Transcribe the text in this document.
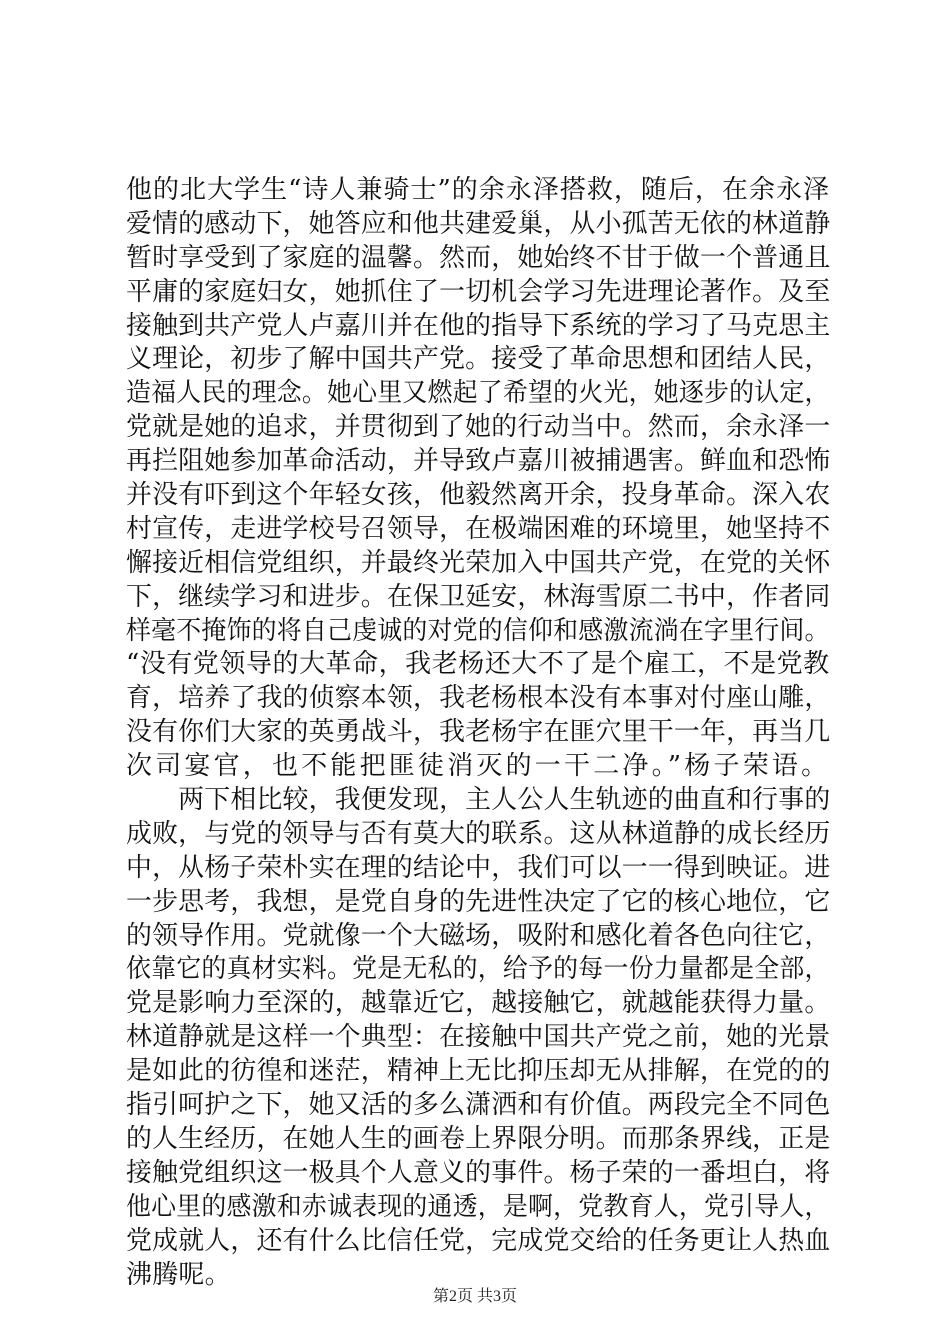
他的北大学生“诗人兼骑士”的余永泽搭救，随后，在余永泽
爱情的感动下，她答应和他共建爱巢，从小孤苦无依的林道静
暂时享受到了家庭的温馨。然而，她始终不甘于做一个普通且
平庸的家庭妇女，她抓住了一切机会学习先进理论著作。及至
接触到共产党人卢嘉川并在他的指导下系统的学习了马克思主
义理论，初步了解中国共产党。接受了革命思想和团结人民，
造福人民的理念。她心里又燃起了希望的火光，她逐步的认定，
党就是她的追求，并贯彻到了她的行动当中。然而，余永泽一
再拦阻她参加革命活动，并导致卢嘉川被捕遇害。鲜血和恐怖
并没有吓到这个年轻女孩，他毅然离开余，投身革命。深入农
村宣传，走进学校号召领导，在极端困难的环境里，她坚持不
懈接近相信党组织，并最终光荣加入中国共产党，在党的关怀
下，继续学习和进步。在保卫延安，林海雪原二书中，作者同
样毫不掩饰的将自己虔诚的对党的信仰和感激流淌在字里行间。
“没有党领导的大革命，我老杨还大不了是个雇工，不是党教
育，培养了我的侦察本领，我老杨根本没有本事对付座山雕，
没有你们大家的英勇战斗，我老杨宇在匪穴里干一年，再当几
次司宴官，也不能把匪徒消灭的一干二净。”杨子荣语。
　　两下相比较，我便发现，主人公人生轨迹的曲直和行事的
成败，与党的领导与否有莫大的联系。这从林道静的成长经历
中，从杨子荣朴实在理的结论中，我们可以一一得到映证。进
一步思考，我想，是党自身的先进性决定了它的核心地位，它
的领导作用。党就像一个大磁场，吸附和感化着各色向往它，
依靠它的真材实料。党是无私的，给予的每一份力量都是全部，
党是影响力至深的，越靠近它，越接触它，就越能获得力量。
林道静就是这样一个典型：在接触中国共产党之前，她的光景
是如此的彷徨和迷茫，精神上无比抑压却无从排解，在党的的
指引呵护之下，她又活的多么潇洒和有价值。两段完全不同色
的人生经历，在她人生的画卷上界限分明。而那条界线，正是
接触党组织这一极具个人意义的事件。杨子荣的一番坦白，将
他心里的感激和赤诚表现的通透，是啊，党教育人，党引导人，
党成就人，还有什么比信任党，完成党交给的任务更让人热血
沸腾呢。
第2页 共3页
